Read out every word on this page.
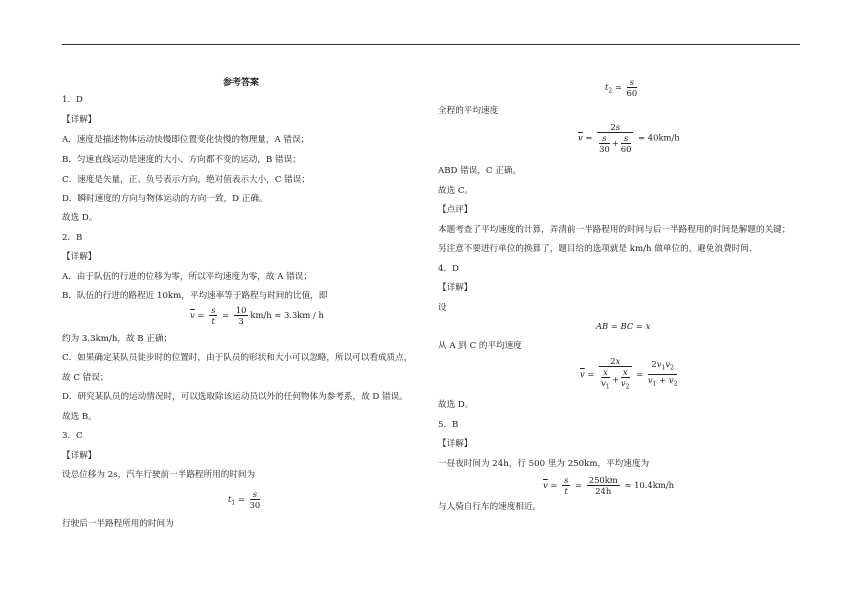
参考答案
1．D
【详解】
A．速度是描述物体运动快慢即位置变化快慢的物理量，A 错误；
B．匀速直线运动是速度的大小、方向都不变的运动，B 错误；
C．速度是矢量，正、负号表示方向，绝对值表示大小，C 错误；
D．瞬时速度的方向与物体运动的方向一致，D 正确。
故选 D。
2．B
【详解】
A．由于队伍的行进的位移为零，所以平均速度为零，故 A 错误；
B．队伍的行进的路程近 10km，平均速率等于路程与时间的比值，即
$\overline{v} = \frac{s}{t} = \frac{10}{3} km/h \approx 3.3km / h$
约为 3.3km/h，故 B 正确；
C．如果确定某队员徒步时的位置时，由于队员的形状和大小可以忽略，所以可以看成质点，
故 C 错误；
D．研究某队员的运动情况时，可以选取除该运动员以外的任何物体为参考系，故 D 错误。
故选 B。
3．C
【详解】
设总位移为 2s，汽车行驶前一半路程所用的时间为
$t_1 = \frac{s}{30}$
行驶后一半路程所用的时间为
$t_2 = \frac{s}{60}$
全程的平均速度
$\overline{v} = \frac{2s}{\frac{s}{30} + \frac{s}{60}} = 40km/h$
ABD 错误，C 正确。
故选 C。
【点评】
本题考查了平均速度的计算，弄清前一半路程用的时间与后一半路程用的时间是解题的关键；
另注意不要进行单位的换算了，题目给的选项就是 km/h 做单位的，避免浪费时间.
4．D
【详解】
设
AB = BC = x
从 A 到 C 的平均速度
$\overline{v} = \frac{2x}{\frac{x}{v_1} + \frac{x}{v_2}} = \frac{2v_1v_2}{v_1 + v_2}$
故选 D。
5．B
【详解】
一昼夜时间为 24h，行 500 里为 250km，平均速度为
$\overline{v} = \frac{s}{t} = \frac{250km}{24h} \approx 10.4km/h$
与人骑自行车的速度相近。
